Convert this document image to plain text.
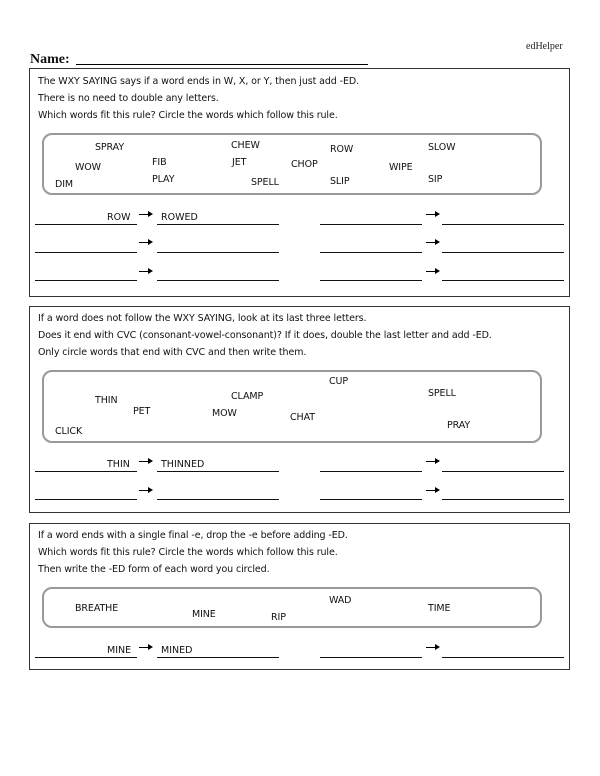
edHelper
Name:
The WXY SAYING says if a word ends in W, X, or Y, then just add -ED.
There is no need to double any letters.
Which words fit this rule? Circle the words which follow this rule.
SPRAY	CHEW	ROW	SLOW
WOW	FIB	JET	CHOP	WIPE
DIM	PLAY	SPELL	SLIP	SIP
ROW	ROWED
If a word does not follow the WXY SAYING, look at its last three letters.
Does it end with CVC (consonant-vowel-consonant)? If it does, double the last letter and add -ED.
Only circle words that end with CVC and then write them.
CUP
SPELL
THIN	CLAMP
PET	MOW	CHAT
PRAY
CLICK
THIN	THINNED
If a word ends with a single final -e, drop the -e before adding -ED.
Which words fit this rule? Circle the words which follow this rule.
Then write the -ED form of each word you circled.
WAD
BREATHE	TIME
MINE	RIP
MINE	MINED
